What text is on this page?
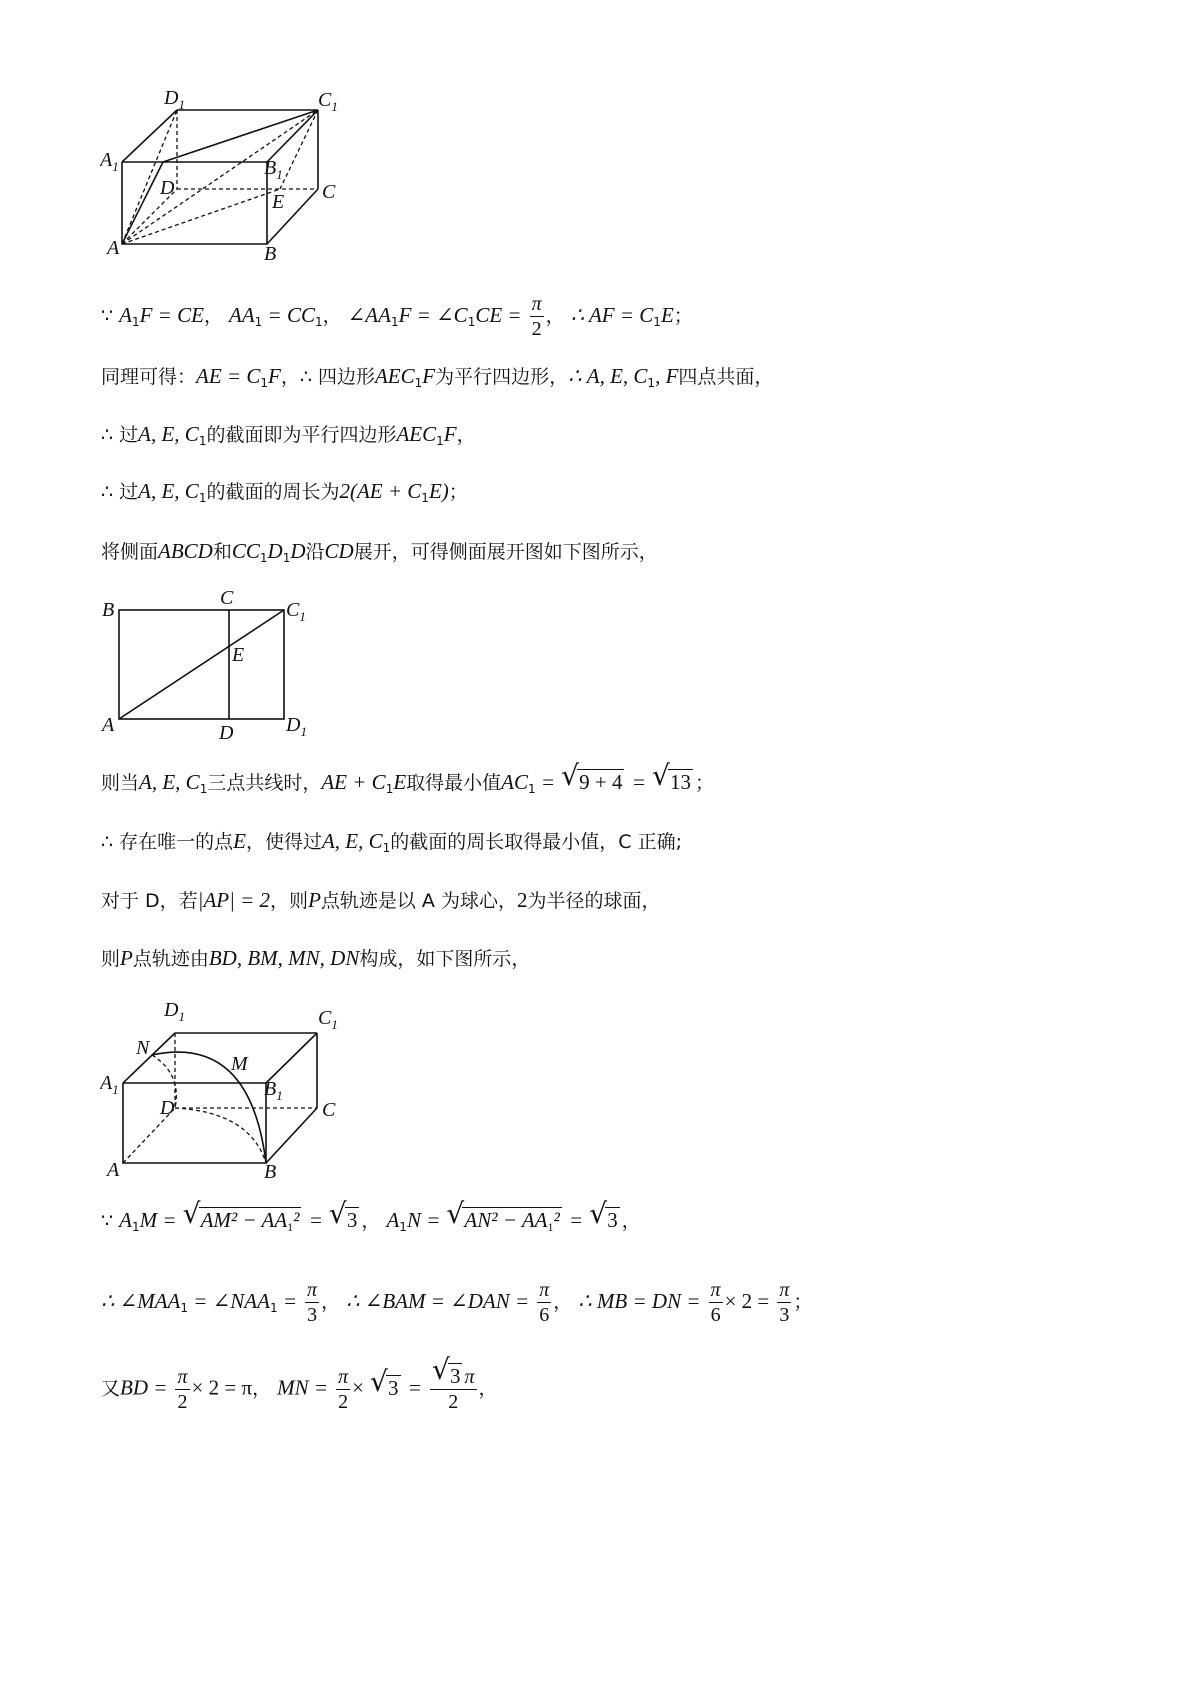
$D_1$	$C_1$
$A_1$	$B_1$
D	C
E
A	B
∵ $A_1F$ = CE， $AA_1 = CC_1$， $\angle AA_1F$ = $\angle C_1CE = \frac{\pi}{2}$ ， ∴ AF = $C_1E$；
同理可得：AE = $C_1F$，∴ 四边形$AEC_1F$为平行四边形，∴ A, E, $C_1$, F四点共面，
∴ 过A, E, $C_1$的截面即为平行四边形$AEC_1F$，
∴ 过A, E, $C_1$的截面的周长为$2(AE + C_1E)$；
将侧面ABCD和$CC_1D_1D$沿CD展开，可得侧面展开图如下图所示，
B
C
$C_1$
E
A	D	$D_1$
则当A, E, $C_1$三点共线时，AE + $C_1E$取得最小值$AC_1$ = √ 9 + 4 = √ 13 ；
∴ 存在唯一的点E，使得过A, E, $C_1$的截面的周长取得最小值，C 正确;
对于 D，若|AP| = 2，则P点轨迹是以 A 为球心，2为半径的球面，
则P点轨迹由BD, BM, MN, DN构成，如下图所示，
$D_1$	$C_1$
N
M
$A_1$	$B_1$
D	C
A	B
∵ $A_1M$ = √ $AM^2 - AA_1^2$ = √ 3 ， $A_1N$ = √ $AN^2 - AA_1^2$ = √ 3 ，
∴ $\angle MAA_1$ = $\angle NAA_1 = \frac{\pi}{3}$ ， ∴ ∠BAM = ∠DAN = $\frac{\pi}{6}$ ， ∴ MB = DN = $\frac{\pi}{6} \times 2 = \frac{\pi}{3}$ ；
又BD = $\frac{\pi}{2} \times 2 = \pi$， MN = $\frac{\pi}{2}$ × √ 3 = √ $\frac{3 \pi}{2}$ ，
